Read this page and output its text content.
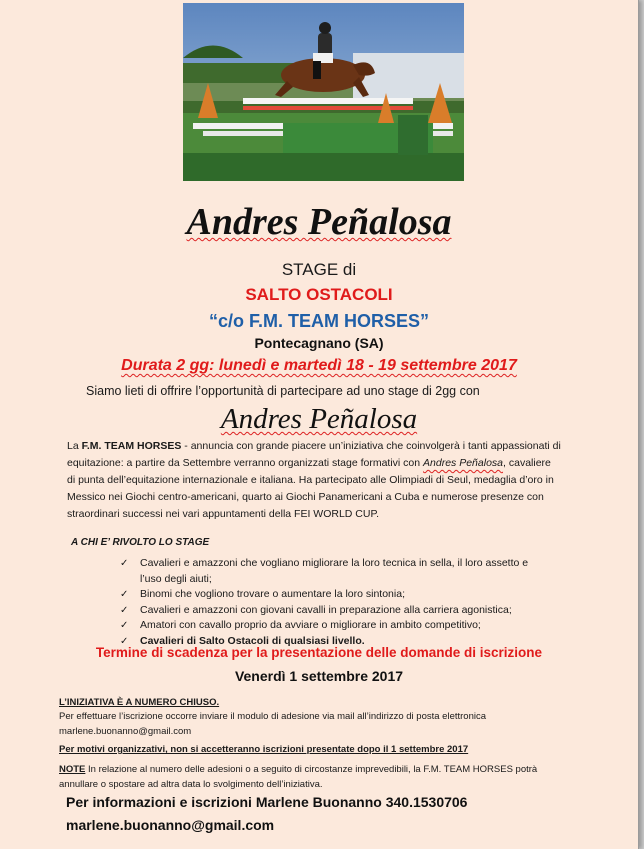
Andres Peñalosa
STAGE di
SALTO OSTACOLI
“c/o F.M. TEAM HORSES”
Pontecagnano (SA)
Durata 2 gg: lunedì e martedì 18 - 19 settembre 2017
Siamo lieti di offrire l’opportunità di partecipare ad uno stage di 2gg con
Andres Peñalosa
La F.M. TEAM HORSES - annuncia con grande piacere un’iniziativa che coinvolgerà i tanti appassionati di
equitazione: a partire da Settembre verranno organizzati stage formativi con Andres Peñalosa, cavaliere
di punta dell’equitazione internazionale e italiana. Ha partecipato alle Olimpiadi di Seul, medaglia d’oro in
Messico nei Giochi centro-americani, quarto ai Giochi Panamericani a Cuba e numerose presenze con
straordinari successi nei vari appuntamenti della FEI WORLD CUP.
A CHI E’ RIVOLTO LO STAGE
✓ Cavalieri e amazzoni che vogliano migliorare la loro tecnica in sella, il loro assetto e
l’uso degli aiuti;
✓ Binomi che vogliono trovare o aumentare la loro sintonia;
✓ Cavalieri e amazzoni con giovani cavalli in preparazione alla carriera agonistica;
✓ Amatori con cavallo proprio da avviare o migliorare in ambito competitivo;
✓ Cavalieri di Salto Ostacoli di qualsiasi livello.
Termine di scadenza per la presentazione delle domande di iscrizione
Venerdì 1 settembre 2017
L’INIZIATIVA È A NUMERO CHIUSO.
Per effettuare l’iscrizione occorre inviare il modulo di adesione via mail all’indirizzo di posta elettronica
marlene.buonanno@gmail.com
Per motivi organizzativi, non si accetteranno iscrizioni presentate dopo il 1 settembre 2017
NOTE In relazione al numero delle adesioni o a seguito di circostanze imprevedibili, la F.M. TEAM HORSES potrà
annullare o spostare ad altra data lo svolgimento dell’iniziativa.
Per informazioni e iscrizioni Marlene Buonanno 340.1530706
marlene.buonanno@gmail.com
